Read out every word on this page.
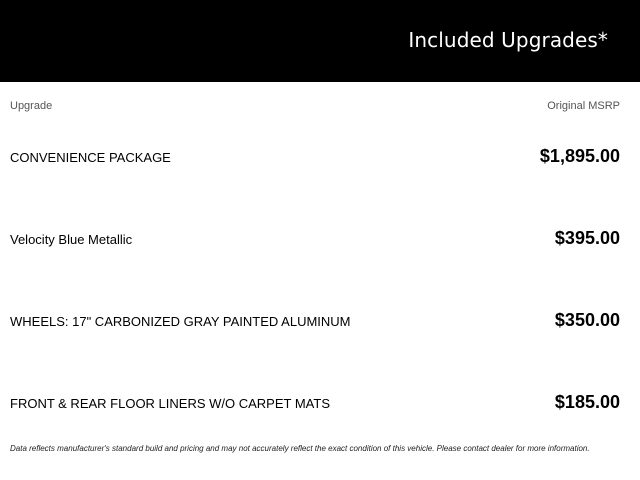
Included Upgrades*
Upgrade	Original MSRP
CONVENIENCE PACKAGE	$1,895.00
Velocity Blue Metallic	$395.00
WHEELS: 17" CARBONIZED GRAY PAINTED ALUMINUM	$350.00
FRONT & REAR FLOOR LINERS W/O CARPET MATS	$185.00
Data reflects manufacturer's standard build and pricing and may not accurately reflect the exact condition of this vehicle. Please contact dealer for more information.
